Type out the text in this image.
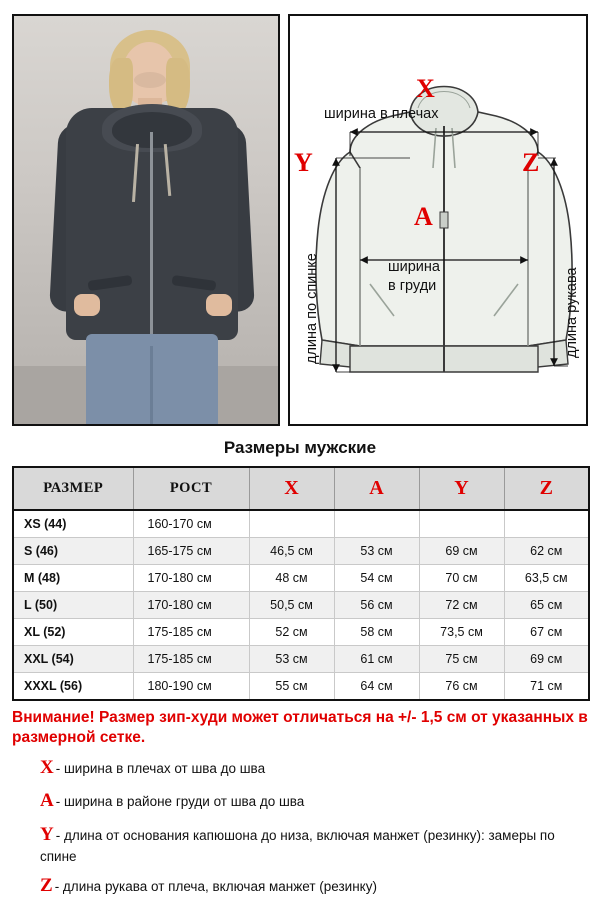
X
ширина в плечах
Y
длина по спинке
Z
длина рукава
A
ширина
в груди
Размеры мужские
РАЗМЕР	РОСТ	X	A	Y	Z
XS (44)	160-170 см				
S (46)	165-175 см	46,5 см	53 см	69 см	62 см
M (48)	170-180 см	48 см	54 см	70 см	63,5 см
L (50)	170-180 см	50,5 см	56 см	72 см	65 см
XL (52)	175-185 см	52 см	58 см	73,5 см	67 см
XXL (54)	175-185 см	53 см	61 см	75 см	69 см
XXXL (56)	180-190 см	55 см	64 см	76 см	71 см
Внимание! Размер зип-худи может отличаться на +/- 1,5 см от указанных в размерной сетке.
X - ширина в плечах от шва до шва
A - ширина в районе груди от шва до шва
Y - длина от основания капюшона до низа, включая манжет (резинку): замеры по спине
Z - длина рукава от плеча, включая манжет (резинку)
